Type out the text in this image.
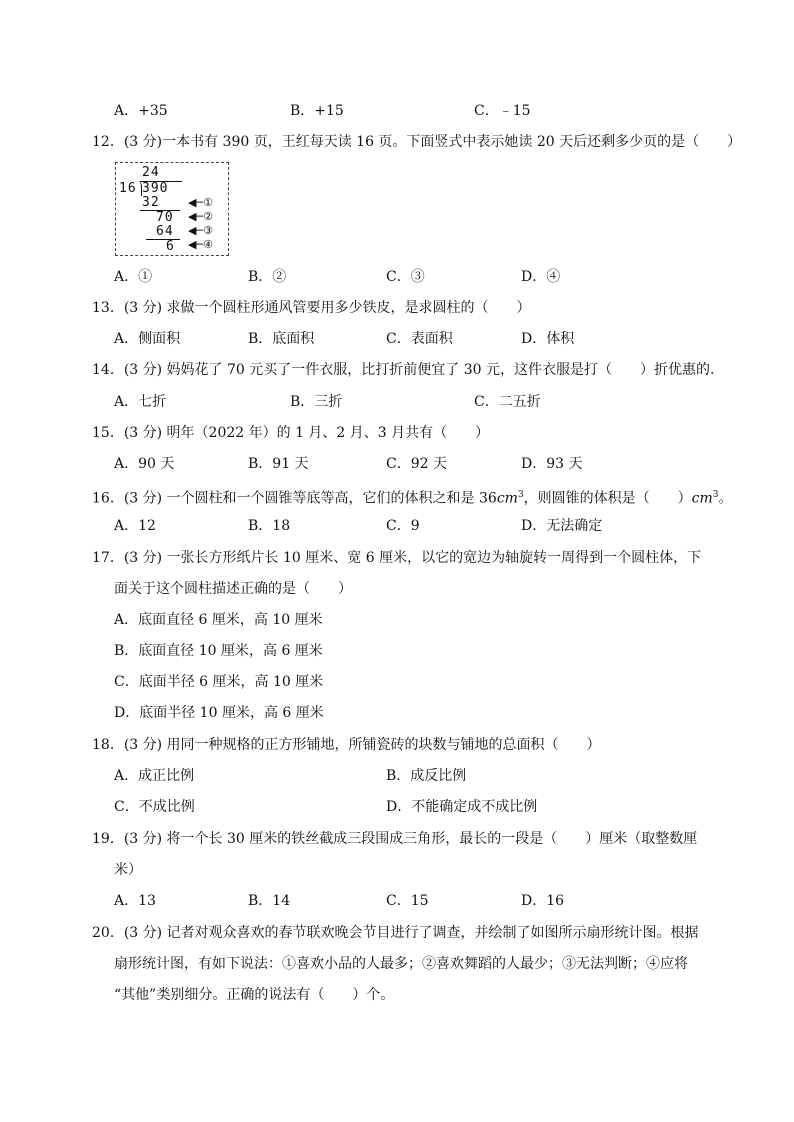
A．+35	B．+15	C．﹣15
12．(3 分)一本书有 390 页，王红每天读 16 页。下面竖式中表示她读 20 天后还剩多少页的是（　　）
24
16 390
32
70
64
6
◀─①
◀─②
◀─③
◀─④
A．①	B．②	C．③	D．④
13．(3 分) 求做一个圆柱形通风管要用多少铁皮，是求圆柱的（　　）
A．侧面积	B．底面积	C．表面积	D．体积
14．(3 分) 妈妈花了 70 元买了一件衣服，比打折前便宜了 30 元，这件衣服是打（　　）折优惠的.
A．七折	B．三折	C．二五折
15．(3 分) 明年（2022 年）的 1 月、2 月、3 月共有（　　）
A．90 天	B．91 天	C．92 天	D．93 天
16．(3 分) 一个圆柱和一个圆锥等底等高，它们的体积之和是 $36cm^3$，则圆锥的体积是（　　）$cm^3$。
A．12	B．18	C．9	D．无法确定
17．(3 分) 一张长方形纸片长 10 厘米、宽 6 厘米，以它的宽边为轴旋转一周得到一个圆柱体，下
面关于这个圆柱描述正确的是（　　）
A．底面直径 6 厘米，高 10 厘米
B．底面直径 10 厘米，高 6 厘米
C．底面半径 6 厘米，高 10 厘米
D．底面半径 10 厘米，高 6 厘米
18．(3 分) 用同一种规格的正方形铺地，所铺瓷砖的块数与铺地的总面积（　　）
A．成正比例	B．成反比例
C．不成比例	D．不能确定成不成比例
19．(3 分) 将一个长 30 厘米的铁丝截成三段围成三角形，最长的一段是（　　）厘米（取整数厘
米）
A．13	B．14	C．15	D．16
20．(3 分) 记者对观众喜欢的春节联欢晚会节目进行了调查，并绘制了如图所示扇形统计图。根据
扇形统计图，有如下说法：①喜欢小品的人最多；②喜欢舞蹈的人最少；③无法判断；④应将
“其他”类别细分。正确的说法有（　　）个。
